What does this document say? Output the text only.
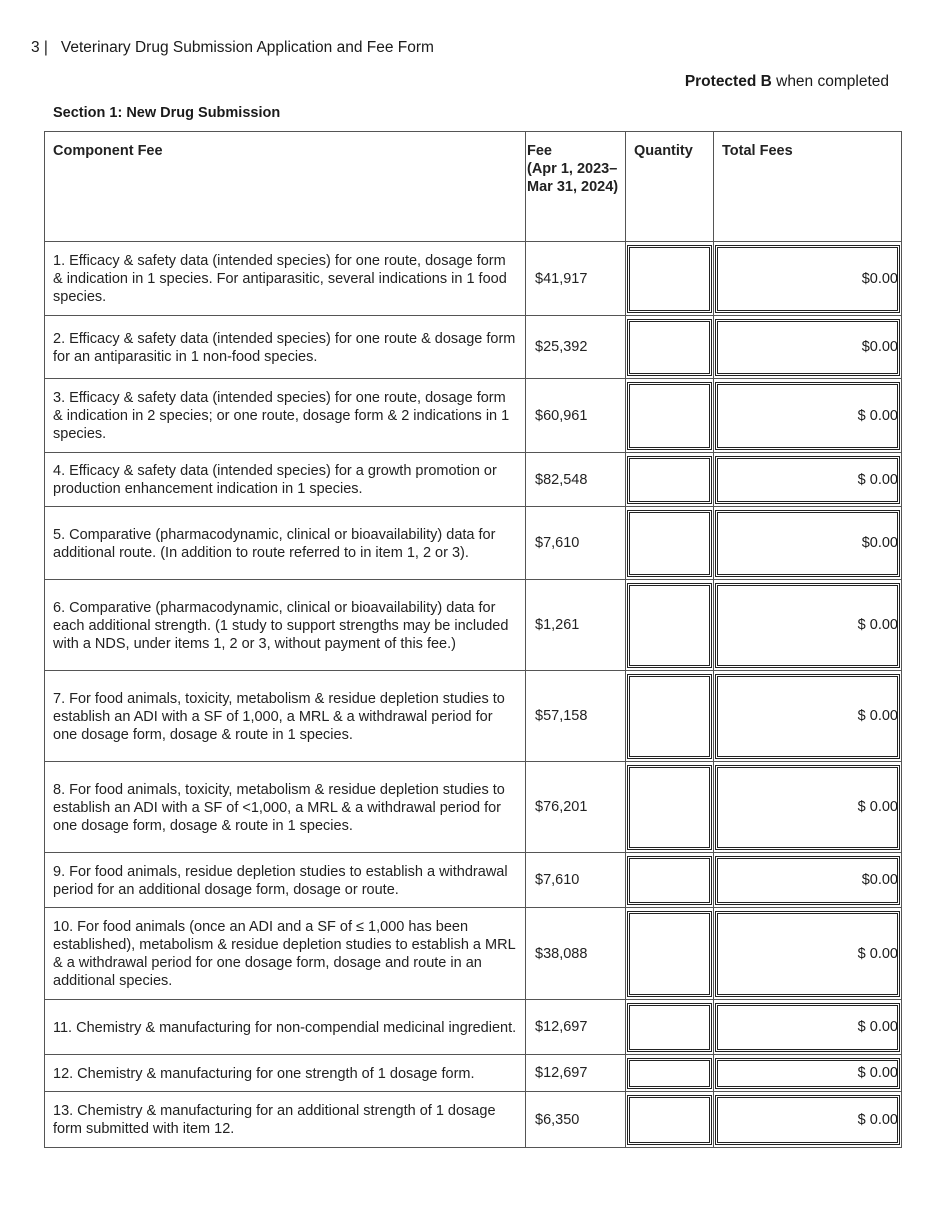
3 |   Veterinary Drug Submission Application and Fee Form
Protected B when completed
Section 1: New Drug Submission
Component Fee	Fee
(Apr 1, 2023–
Mar 31, 2024)	Quantity	Total Fees
1. Efficacy & safety data (intended species) for one route, dosage form & indication in 1 species. For antiparasitic, several indications in 1 food species.	$41,917		$0.00

2. Efficacy & safety data (intended species) for one route & dosage form for an antiparasitic in 1 non-food species.	$25,392		$0.00

3. Efficacy & safety data (intended species) for one route, dosage form & indication in 2 species; or one route, dosage form & 2 indications in 1 species.	$60,961		$ 0.00

4. Efficacy & safety data (intended species) for a growth promotion or production enhancement indication in 1 species.	$82,548		$ 0.00

5. Comparative (pharmacodynamic, clinical or bioavailability) data for additional route. (In addition to route referred to in item 1, 2 or 3).	$7,610		$0.00

6. Comparative (pharmacodynamic, clinical or bioavailability) data for each additional strength. (1 study to support strengths may be included with a NDS, under items 1, 2 or 3, without payment of this fee.)	$1,261		$ 0.00

7. For food animals, toxicity, metabolism & residue depletion studies to establish an ADI with a SF of 1,000, a MRL & a withdrawal period for one dosage form, dosage & route in 1 species.	$57,158		$ 0.00

8. For food animals, toxicity, metabolism & residue depletion studies to establish an ADI with a SF of <1,000, a MRL & a withdrawal period for one dosage form, dosage & route in 1 species.	$76,201		$ 0.00

9. For food animals, residue depletion studies to establish a withdrawal period for an additional dosage form, dosage or route.	$7,610		$0.00

10. For food animals (once an ADI and a SF of ≤ 1,000 has been established), metabolism & residue depletion studies to establish a MRL & a withdrawal period for one dosage form, dosage and route in an additional species.	$38,088		$ 0.00

11. Chemistry & manufacturing for non-compendial medicinal ingredient.	$12,697		$ 0.00

12. Chemistry & manufacturing for one strength of 1 dosage form.	$12,697		$ 0.00

13. Chemistry & manufacturing for an additional strength of 1 dosage form submitted with item 12.	$6,350		$ 0.00
